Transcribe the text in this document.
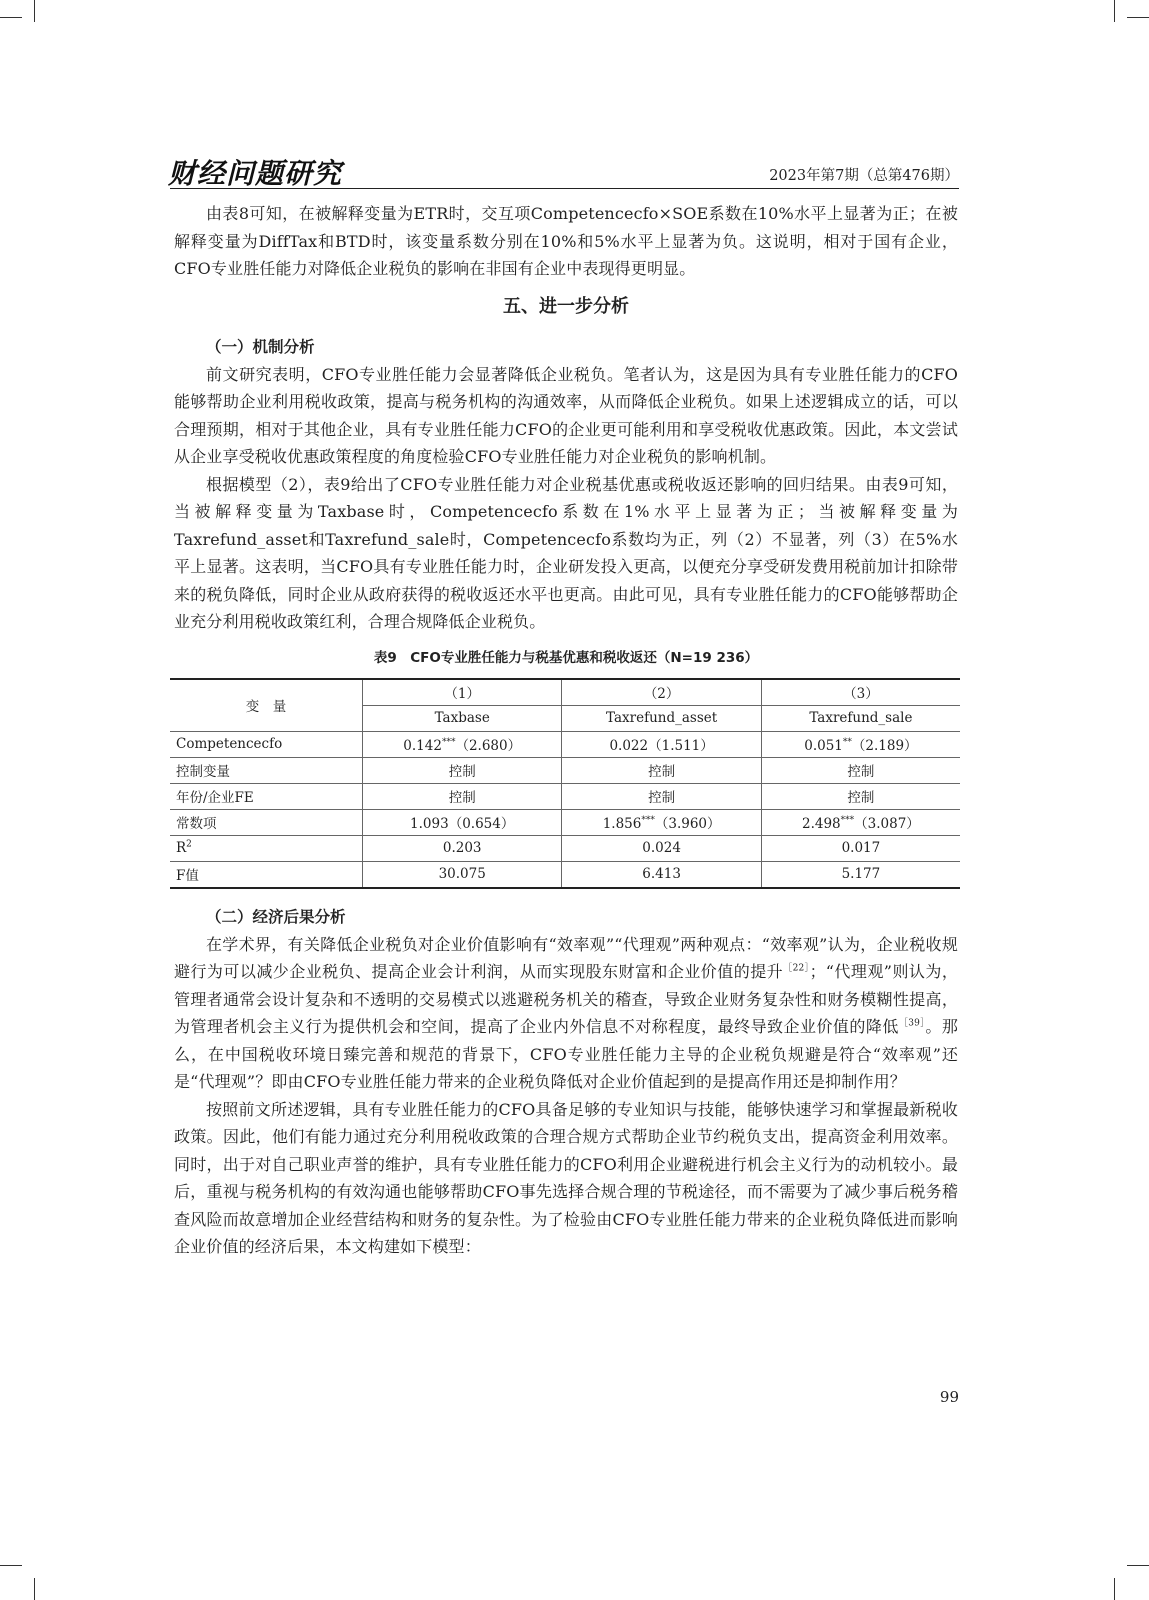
财经问题研究	2023年第7期（总第476期）

由表8可知，在被解释变量为ETR时，交互项Competencecfo×SOE系数在10%水平上显著为正；在被解释变量为DiffTax和BTD时，该变量系数分别在10%和5%水平上显著为负。这说明，相对于国有企业，CFO专业胜任能力对降低企业税负的影响在非国有企业中表现得更明显。

五、进一步分析
（一）机制分析

前文研究表明，CFO专业胜任能力会显著降低企业税负。笔者认为，这是因为具有专业胜任能力的CFO能够帮助企业利用税收政策，提高与税务机构的沟通效率，从而降低企业税负。如果上述逻辑成立的话，可以合理预期，相对于其他企业，具有专业胜任能力CFO的企业更可能利用和享受税收优惠政策。因此，本文尝试从企业享受税收优惠政策程度的角度检验CFO专业胜任能力对企业税负的影响机制。

根据模型（2），表9给出了CFO专业胜任能力对企业税基优惠或税收返还影响的回归结果。由表9可知，当被解释变量为Taxbase时，Competencecfo系数在1%水平上显著为正；当被解释变量为Taxrefund_asset和Taxrefund_sale时，Competencecfo系数均为正，列（2）不显著，列（3）在5%水平上显著。这表明，当CFO具有专业胜任能力时，企业研发投入更高，以便充分享受研发费用税前加计扣除带来的税负降低，同时企业从政府获得的税收返还水平也更高。由此可见，具有专业胜任能力的CFO能够帮助企业充分利用税收政策红利，合理合规降低企业税负。

表9　CFO专业胜任能力与税基优惠和税收返还（N=19 236）
变　量	（1）	（2）	（3）
	Taxbase	Taxrefund_asset	Taxrefund_sale
Competencecfo	0.142***（2.680）	0.022（1.511）	0.051**（2.189）
控制变量	控制	控制	控制
年份/企业FE	控制	控制	控制
常数项	1.093（0.654）	1.856***（3.960）	2.498***（3.087）
$R^2$	0.203	0.024	0.017
F值	30.075	6.413	5.177
（二）经济后果分析

在学术界，有关降低企业税负对企业价值影响有“效率观”“代理观”两种观点：“效率观”认为，企业税收规避行为可以减少企业税负、提高企业会计利润，从而实现股东财富和企业价值的提升$^{[22]}$；“代理观”则认为，管理者通常会设计复杂和不透明的交易模式以逃避税务机关的稽查，导致企业财务复杂性和财务模糊性提高，为管理者机会主义行为提供机会和空间，提高了企业内外信息不对称程度，最终导致企业价值的降低$^{[39]}$。那么，在中国税收环境日臻完善和规范的背景下，CFO专业胜任能力主导的企业税负规避是符合“效率观”还是“代理观”？即由CFO专业胜任能力带来的企业税负降低对企业价值起到的是提高作用还是抑制作用？

按照前文所述逻辑，具有专业胜任能力的CFO具备足够的专业知识与技能，能够快速学习和掌握最新税收政策。因此，他们有能力通过充分利用税收政策的合理合规方式帮助企业节约税负支出，提高资金利用效率。同时，出于对自己职业声誉的维护，具有专业胜任能力的CFO利用企业避税进行机会主义行为的动机较小。最后，重视与税务机构的有效沟通也能够帮助CFO事先选择合规合理的节税途径，而不需要为了减少事后税务稽查风险而故意增加企业经营结构和财务的复杂性。为了检验由CFO专业胜任能力带来的企业税负降低进而影响企业价值的经济后果，本文构建如下模型：

99
